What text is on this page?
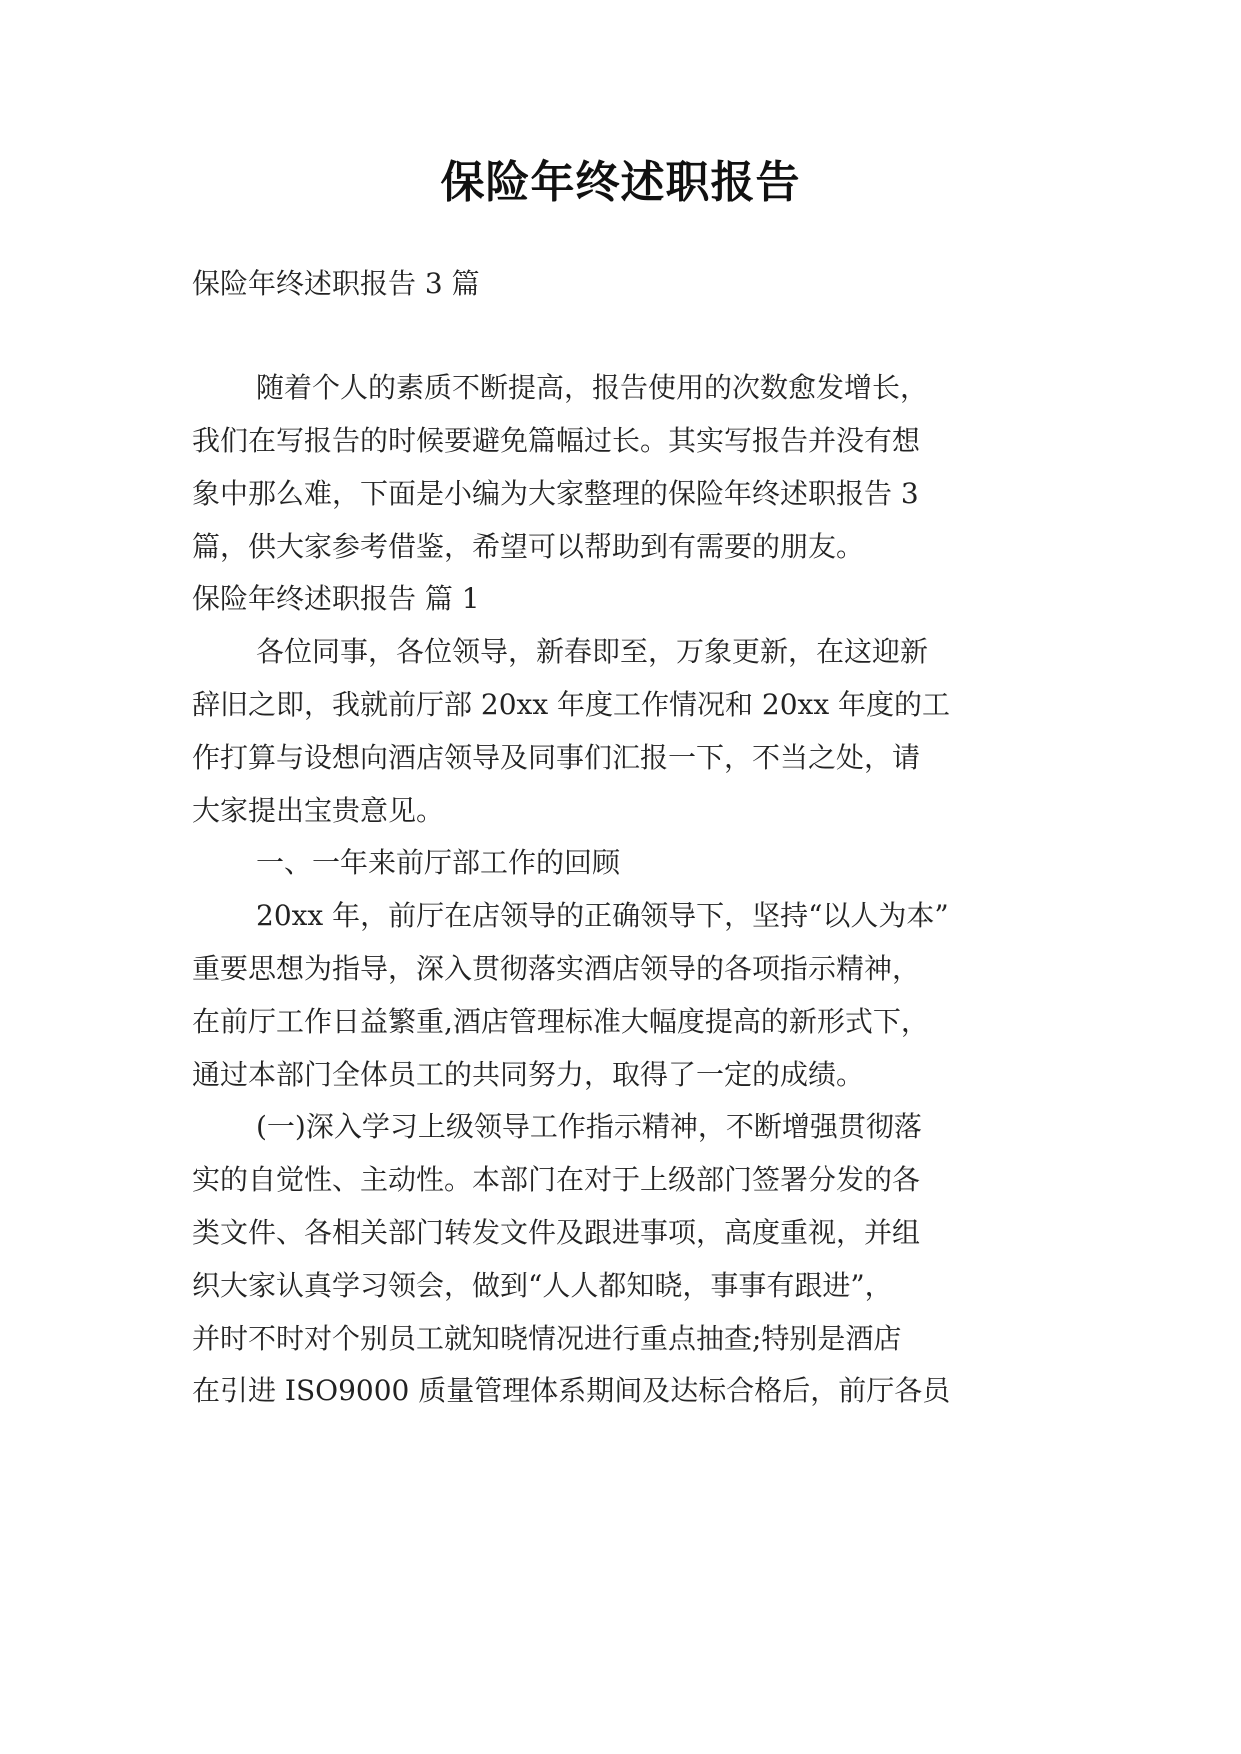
保险年终述职报告
保险年终述职报告 3 篇
随着个人的素质不断提高，报告使用的次数愈发增长，
我们在写报告的时候要避免篇幅过长。其实写报告并没有想
象中那么难，下面是小编为大家整理的保险年终述职报告 3
篇，供大家参考借鉴，希望可以帮助到有需要的朋友。
保险年终述职报告 篇 1
各位同事，各位领导，新春即至，万象更新，在这迎新
辞旧之即，我就前厅部 20xx 年度工作情况和 20xx 年度的工
作打算与设想向酒店领导及同事们汇报一下，不当之处，请
大家提出宝贵意见。
一、一年来前厅部工作的回顾
20xx 年，前厅在店领导的正确领导下，坚持“以人为本”
重要思想为指导，深入贯彻落实酒店领导的各项指示精神，
在前厅工作日益繁重,酒店管理标准大幅度提高的新形式下，
通过本部门全体员工的共同努力，取得了一定的成绩。
(一)深入学习上级领导工作指示精神，不断增强贯彻落
实的自觉性、主动性。本部门在对于上级部门签署分发的各
类文件、各相关部门转发文件及跟进事项，高度重视，并组
织大家认真学习领会，做到“人人都知晓，事事有跟进”，
并时不时对个别员工就知晓情况进行重点抽查;特别是酒店
在引进 ISO9000 质量管理体系期间及达标合格后，前厅各员
